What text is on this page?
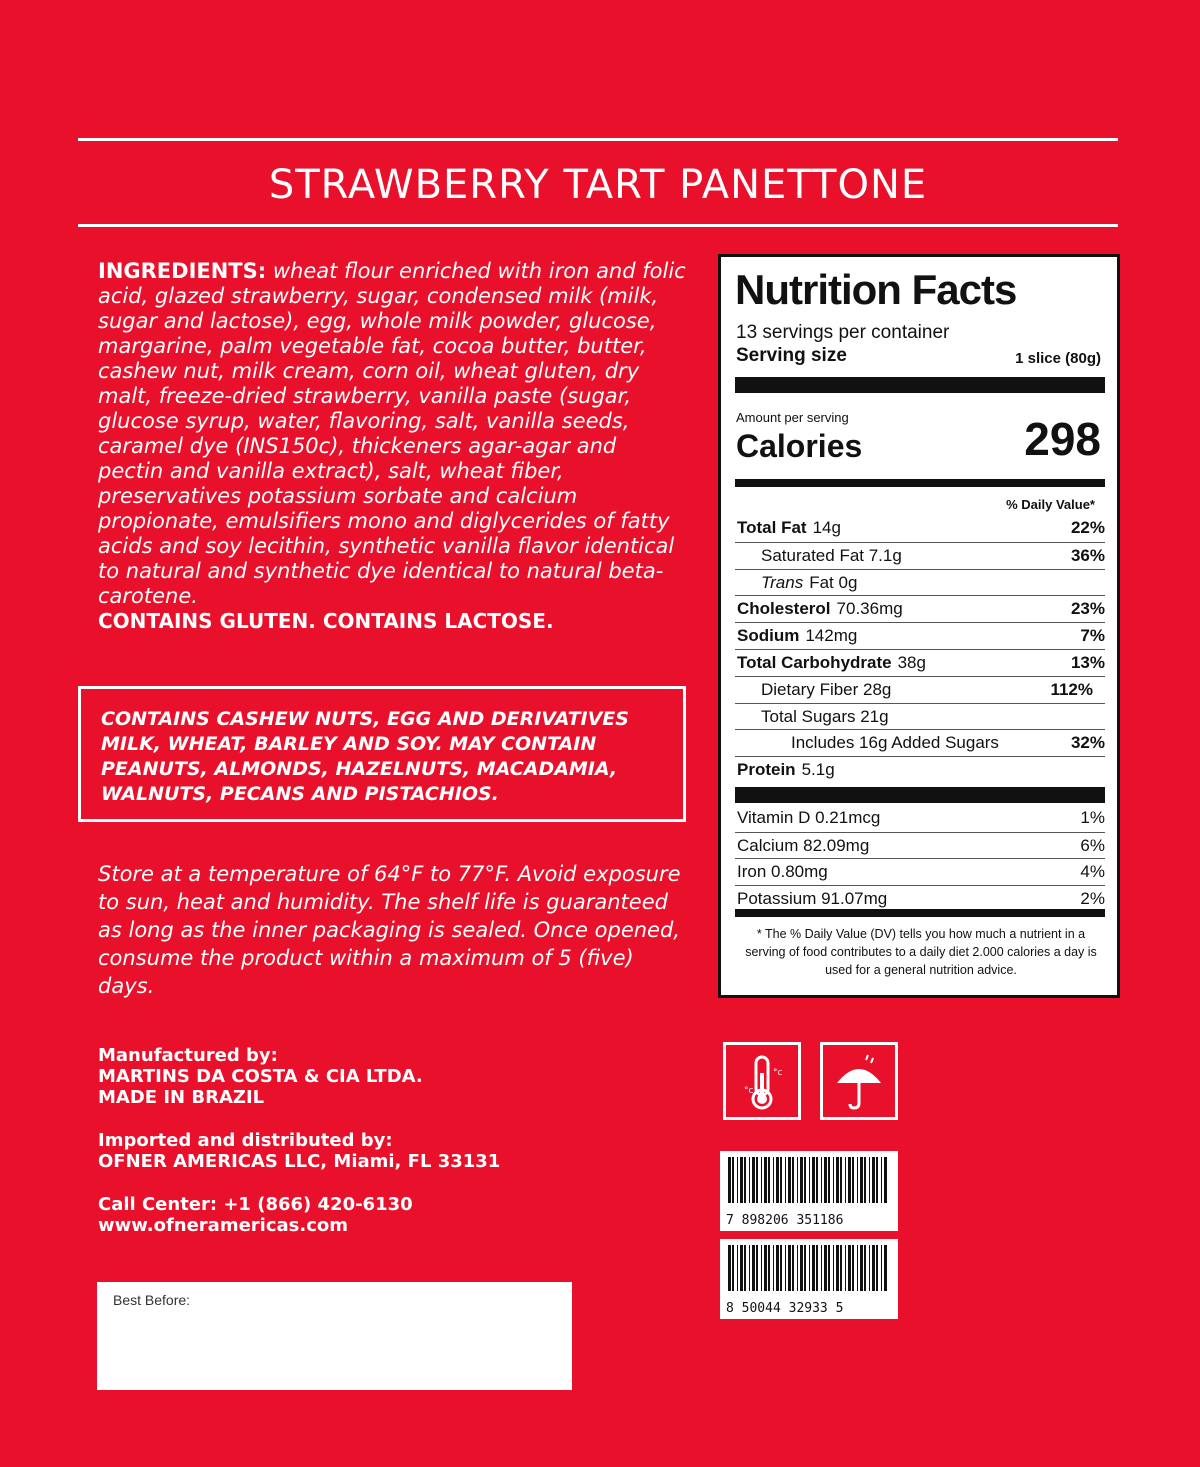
STRAWBERRY TART PANETTONE
INGREDIENTS: wheat flour enriched with iron and folic acid, glazed strawberry, sugar, condensed milk (milk, sugar and lactose), egg, whole milk powder, glucose, margarine, palm vegetable fat, cocoa butter, butter, cashew nut, milk cream, corn oil, wheat gluten, dry malt, freeze-dried strawberry, vanilla paste (sugar, glucose syrup, water, flavoring, salt, vanilla seeds, caramel dye (INS150c), thickeners agar-agar and pectin and vanilla extract), salt, wheat fiber, preservatives potassium sorbate and calcium propionate, emulsifiers mono and diglycerides of fatty acids and soy lecithin, synthetic vanilla flavor identical to natural and synthetic dye identical to natural beta-carotene.
CONTAINS GLUTEN. CONTAINS LACTOSE.
CONTAINS CASHEW NUTS, EGG AND DERIVATIVES MILK, WHEAT, BARLEY AND SOY. MAY CONTAIN PEANUTS, ALMONDS, HAZELNUTS, MACADAMIA, WALNUTS, PECANS AND PISTACHIOS.
Store at a temperature of 64°F to 77°F. Avoid exposure to sun, heat and humidity. The shelf life is guaranteed as long as the inner packaging is sealed. Once opened, consume the product within a maximum of 5 (five) days.
Manufactured by:
MARTINS DA COSTA & CIA LTDA.
MADE IN BRAZIL
Imported and distributed by:
OFNER AMERICAS LLC, Miami, FL 33131
Call Center: +1 (866) 420-6130
www.ofneramericas.com
Best Before:
Nutrition Facts
13 servings per container
Serving size	1 slice (80g)
Amount per serving
Calories	298
% Daily Value*
Total Fat 14g	22%
Saturated Fat 7.1g	36%
Trans Fat 0g
Cholesterol 70.36mg	23%
Sodium 142mg	7%
Total Carbohydrate 38g	13%
Dietary Fiber 28g	112%
Total Sugars 21g
Includes 16g Added Sugars	32%
Protein 5.1g
Vitamin D 0.21mcg	1%
Calcium 82.09mg	6%
Iron 0.80mg	4%
Potassium 91.07mg	2%
* The % Daily Value (DV) tells you how much a nutrient in a serving of food contributes to a daily diet 2.000 calories a day is used for a general nutrition advice.
°c
°c
7 898206 351186
8 50044 32933 5
